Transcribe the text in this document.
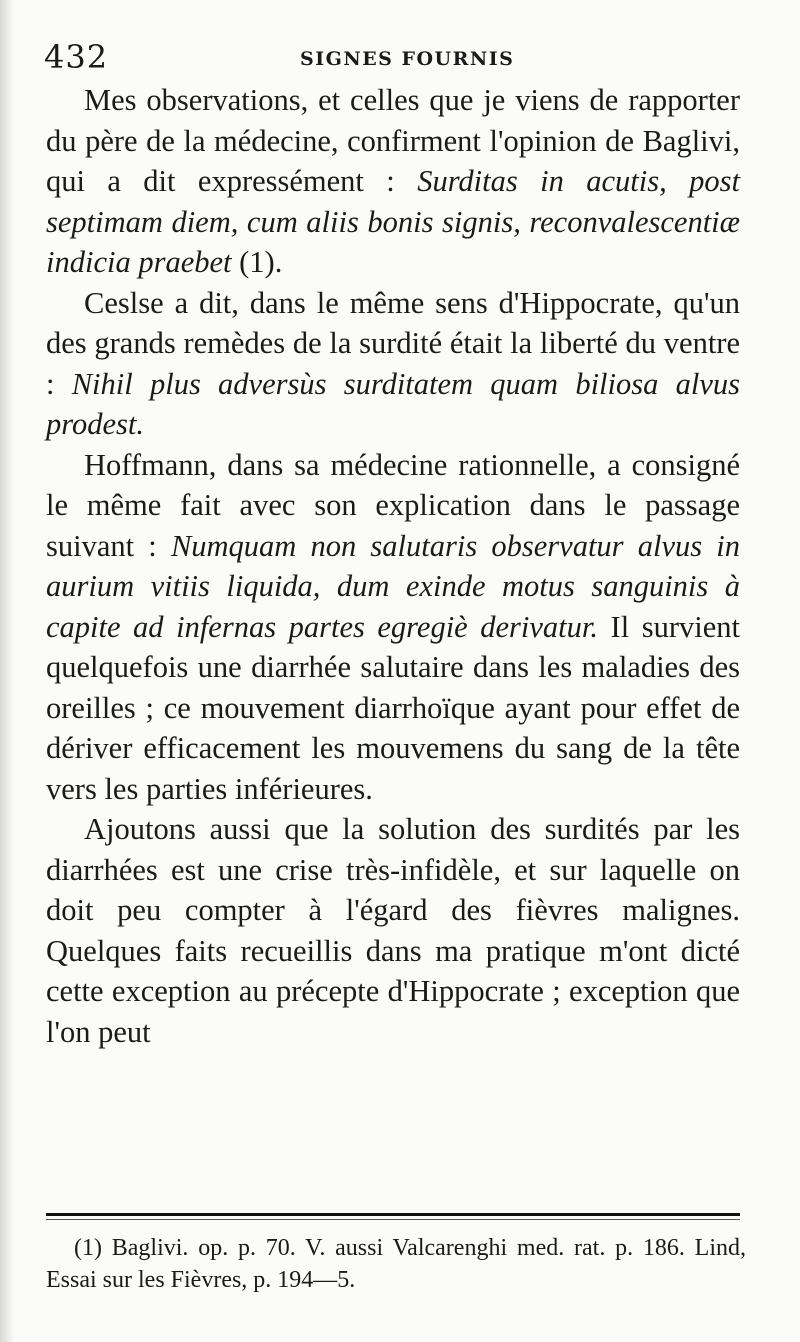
432	SIGNES FOURNIS

Mes observations, et celles que je viens de rapporter du père de la médecine, confirment l'opinion de Baglivi, qui a dit expressément : Surditas in acutis, post septimam diem, cum aliis bonis signis, reconvalescentiæ indicia praebet (1).

Ceslse a dit, dans le même sens d'Hippocrate, qu'un des grands remèdes de la surdité était la liberté du ventre : Nihil plus adversùs surditatem quam biliosa alvus prodest.

Hoffmann, dans sa médecine rationnelle, a consigné le même fait avec son explication dans le passage suivant : Numquam non salutaris observatur alvus in aurium vitiis liquida, dum exinde motus sanguinis à capite ad infernas partes egregiè derivatur. Il survient quelquefois une diarrhée salutaire dans les maladies des oreilles ; ce mouvement diarrhoïque ayant pour effet de dériver efficacement les mouvemens du sang de la tête vers les parties inférieures.

Ajoutons aussi que la solution des surdités par les diarrhées est une crise très-infidèle, et sur laquelle on doit peu compter à l'égard des fièvres malignes. Quelques faits recueillis dans ma pratique m'ont dicté cette exception au précepte d'Hippocrate ; exception que l'on peut

(1) Baglivi. op. p. 70. V. aussi Valcarenghi med. rat. p. 186. Lind, Essai sur les Fièvres, p. 194—5.
